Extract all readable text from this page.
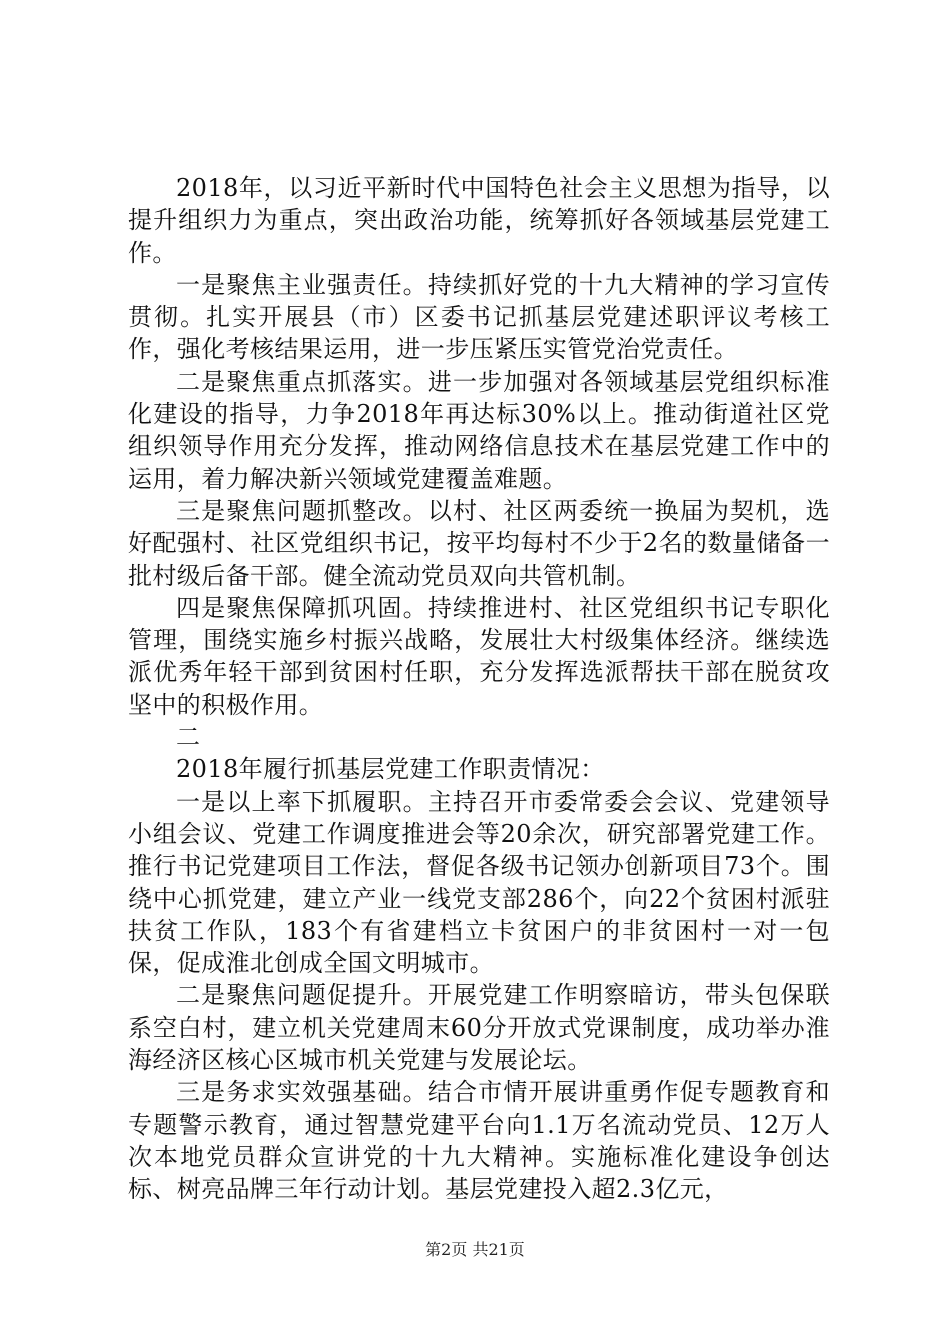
2018年，以习近平新时代中国特色社会主义思想为指导，以提升组织力为重点，突出政治功能，统筹抓好各领域基层党建工作。

一是聚焦主业强责任。持续抓好党的十九大精神的学习宣传贯彻。扎实开展县（市）区委书记抓基层党建述职评议考核工作，强化考核结果运用，进一步压紧压实管党治党责任。

二是聚焦重点抓落实。进一步加强对各领域基层党组织标准化建设的指导，力争2018年再达标30%以上。推动街道社区党组织领导作用充分发挥，推动网络信息技术在基层党建工作中的运用，着力解决新兴领域党建覆盖难题。

三是聚焦问题抓整改。以村、社区两委统一换届为契机，选好配强村、社区党组织书记，按平均每村不少于2名的数量储备一批村级后备干部。健全流动党员双向共管机制。

四是聚焦保障抓巩固。持续推进村、社区党组织书记专职化管理，围绕实施乡村振兴战略，发展壮大村级集体经济。继续选派优秀年轻干部到贫困村任职，充分发挥选派帮扶干部在脱贫攻坚中的积极作用。

二

2018年履行抓基层党建工作职责情况：

一是以上率下抓履职。主持召开市委常委会会议、党建领导小组会议、党建工作调度推进会等20余次，研究部署党建工作。推行书记党建项目工作法，督促各级书记领办创新项目73个。围绕中心抓党建，建立产业一线党支部286个，向22个贫困村派驻扶贫工作队，183个有省建档立卡贫困户的非贫困村一对一包保，促成淮北创成全国文明城市。

二是聚焦问题促提升。开展党建工作明察暗访，带头包保联系空白村，建立机关党建周末60分开放式党课制度，成功举办淮海经济区核心区城市机关党建与发展论坛。

三是务求实效强基础。结合市情开展讲重勇作促专题教育和专题警示教育，通过智慧党建平台向1.1万名流动党员、12万人次本地党员群众宣讲党的十九大精神。实施标准化建设争创达标、树亮品牌三年行动计划。基层党建投入超2.3亿元，

第2页 共21页
